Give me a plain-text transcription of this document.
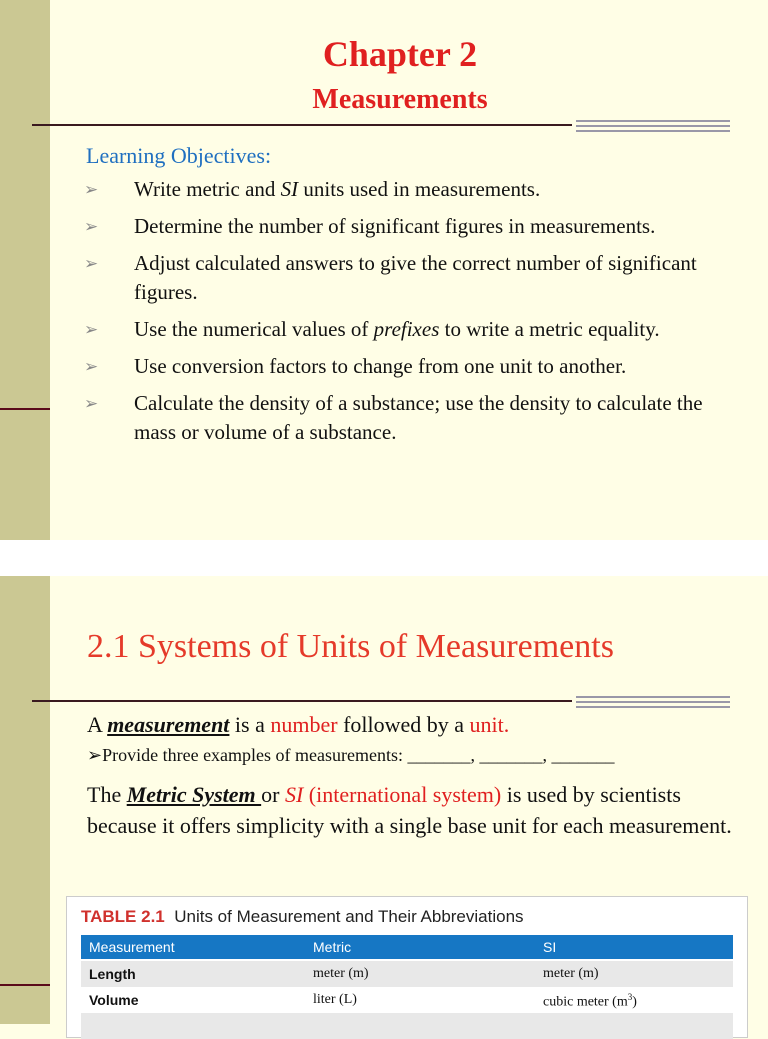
Chapter 2
Measurements
Learning Objectives:
➢ Write metric and SI units used in measurements.
➢ Determine the number of significant figures in measurements.
➢ Adjust calculated answers to give the correct number of significant figures.
➢ Use the numerical values of prefixes to write a metric equality.
➢ Use conversion factors to change from one unit to another.
➢ Calculate the density of a substance; use the density to calculate the mass or volume of a substance.
2.1 Systems of Units of Measurements
A measurement is a number followed by a unit.
➢Provide three examples of measurements: _______, _______, _______
The Metric System or SI (international system) is used by scientists because it offers simplicity with a single base unit for each measurement.
TABLE 2.1 Units of Measurement and Their Abbreviations
Measurement	Metric	SI
Length	meter (m)	meter (m)
Volume	liter (L)	cubic meter $(m^3)$
